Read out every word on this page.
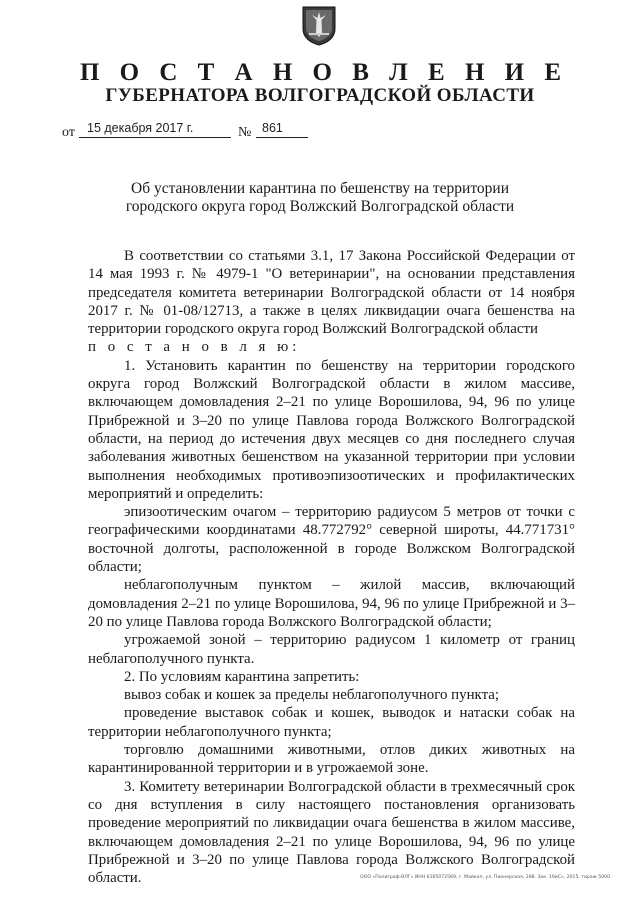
П О С Т А Н О В Л Е Н И Е
ГУБЕРНАТОРА ВОЛГОГРАДСКОЙ ОБЛАСТИ
от 15 декабря 2017 г.	№ 861

Об установлении карантина по бешенству на территории
городского округа город Волжский Волгоградской области

В соответствии со статьями 3.1, 17 Закона Российской Федерации от 14 мая 1993 г. № 4979-1 "О ветеринарии", на основании представления председателя комитета ветеринарии Волгоградской области от 14 ноября 2017 г. № 01-08/12713, а также в целях ликвидации очага бешенства на территории городского округа город Волжский Волгоградской области

п о с т а н о в л я ю:

1. Установить карантин по бешенству на территории городского округа город Волжский Волгоградской области в жилом массиве, включающем домовладения 2–21 по улице Ворошилова, 94, 96 по улице Прибрежной и 3–20 по улице Павлова города Волжского Волгоградской области, на период до истечения двух месяцев со дня последнего случая заболевания животных бешенством на указанной территории при условии выполнения необходимых противоэпизоотических и профилактических мероприятий и определить:

эпизоотическим очагом – территорию радиусом 5 метров от точки с географическими координатами 48.772792° северной широты, 44.771731° восточной долготы, расположенной в городе Волжском Волгоградской области;

неблагополучным пунктом – жилой массив, включающий домовладения 2–21 по улице Ворошилова, 94, 96 по улице Прибрежной и 3–20 по улице Павлова города Волжского Волгоградской области;

угрожаемой зоной – территорию радиусом 1 километр от границ неблагополучного пункта.

2. По условиям карантина запретить:

вывоз собак и кошек за пределы неблагополучного пункта;

проведение выставок собак и кошек, выводок и натаски собак на территории неблагополучного пункта;

торговлю домашними животными, отлов диких животных на карантинированной территории и в угрожаемой зоне.

3. Комитету ветеринарии Волгоградской области в трехмесячный срок со дня вступления в силу настоящего постановления организовать проведение мероприятий по ликвидации очага бешенства в жилом массиве, включающем домовладения 2–21 по улице Ворошилова, 94, 96 по улице Прибрежной и 3–20 по улице Павлова города Волжского Волгоградской области.	ООО «Полиграф-ВЛГ» ИНН 6165072569, г. Майкоп, ул. Пионерская, 288. Зак. 19иС», 2015, тираж 5000
